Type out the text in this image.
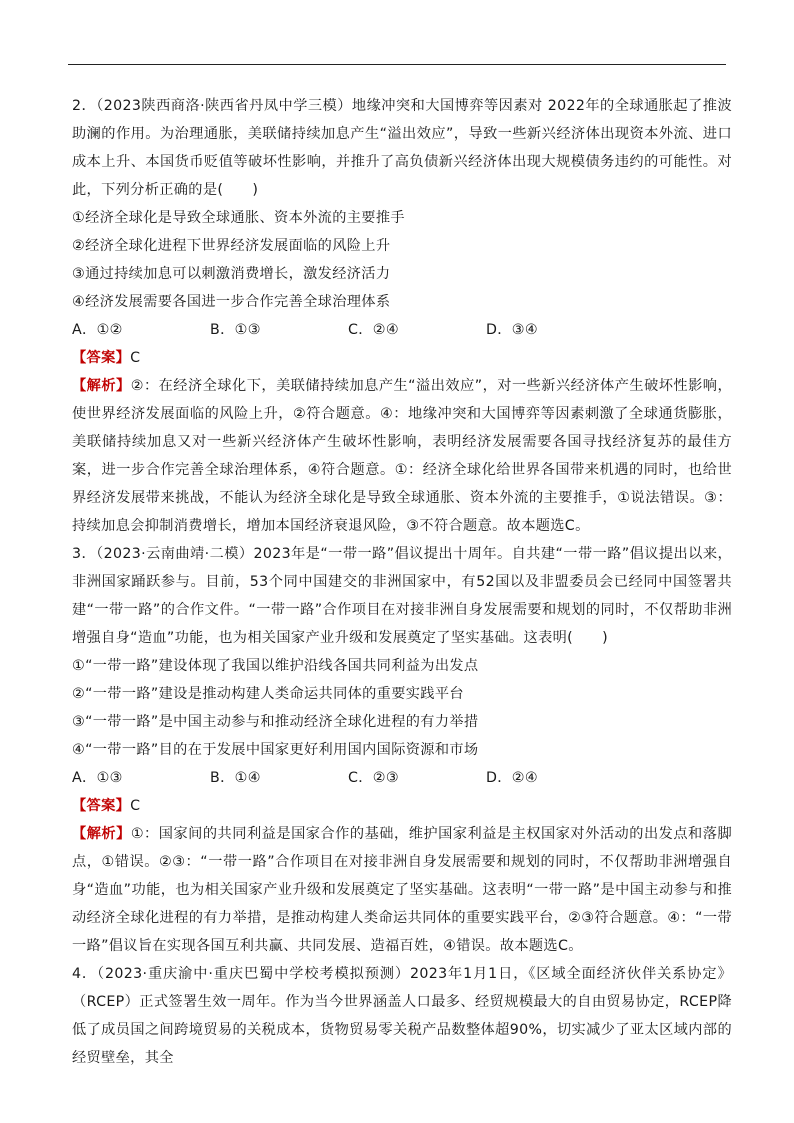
2．（2023陕西商洛·陕西省丹凤中学三模）地缘冲突和大国博弈等因素对 2022年的全球通胀起了推波助澜的作用。为治理通胀，美联储持续加息产生“溢出效应”，导致一些新兴经济体出现资本外流、进口成本上升、本国货币贬值等破坏性影响，并推升了高负债新兴经济体出现大规模债务违约的可能性。对此，下列分析正确的是(　　)

①经济全球化是导致全球通胀、资本外流的主要推手

②经济全球化进程下世界经济发展面临的风险上升

③通过持续加息可以刺激消费增长，激发经济活力

④经济发展需要各国进一步合作完善全球治理体系

A．①②	B．①③	C．②④	D．③④

【答案】C

【解析】②：在经济全球化下，美联储持续加息产生“溢出效应”，对一些新兴经济体产生破坏性影响，使世界经济发展面临的风险上升，②符合题意。④：地缘冲突和大国博弈等因素刺激了全球通货膨胀，美联储持续加息又对一些新兴经济体产生破坏性影响，表明经济发展需要各国寻找经济复苏的最佳方案，进一步合作完善全球治理体系，④符合题意。①：经济全球化给世界各国带来机遇的同时，也给世界经济发展带来挑战，不能认为经济全球化是导致全球通胀、资本外流的主要推手，①说法错误。③：持续加息会抑制消费增长，增加本国经济衰退风险，③不符合题意。故本题选C。

3．（2023·云南曲靖·二模）2023年是“一带一路”倡议提出十周年。自共建“一带一路”倡议提出以来，非洲国家踊跃参与。目前，53个同中国建交的非洲国家中，有52国以及非盟委员会已经同中国签署共建“一带一路”的合作文件。“一带一路”合作项目在对接非洲自身发展需要和规划的同时，不仅帮助非洲增强自身“造血”功能，也为相关国家产业升级和发展奠定了坚实基础。这表明(　　)

①“一带一路”建设体现了我国以维护沿线各国共同利益为出发点

②“一带一路”建设是推动构建人类命运共同体的重要实践平台

③“一带一路”是中国主动参与和推动经济全球化进程的有力举措

④“一带一路”目的在于发展中国家更好利用国内国际资源和市场

A．①③	B．①④	C．②③	D．②④

【答案】C

【解析】①：国家间的共同利益是国家合作的基础，维护国家利益是主权国家对外活动的出发点和落脚点，①错误。②③：“一带一路”合作项目在对接非洲自身发展需要和规划的同时，不仅帮助非洲增强自身“造血”功能，也为相关国家产业升级和发展奠定了坚实基础。这表明“一带一路”是中国主动参与和推动经济全球化进程的有力举措，是推动构建人类命运共同体的重要实践平台，②③符合题意。④：“一带一路”倡议旨在实现各国互利共赢、共同发展、造福百姓，④错误。故本题选C。

4．（2023·重庆渝中·重庆巴蜀中学校考模拟预测）2023年1月1日，《区域全面经济伙伴关系协定》（RCEP）正式签署生效一周年。作为当今世界涵盖人口最多、经贸规模最大的自由贸易协定，RCEP降低了成员国之间跨境贸易的关税成本，货物贸易零关税产品数整体超90%，切实减少了亚太区域内部的经贸壁垒，其全
